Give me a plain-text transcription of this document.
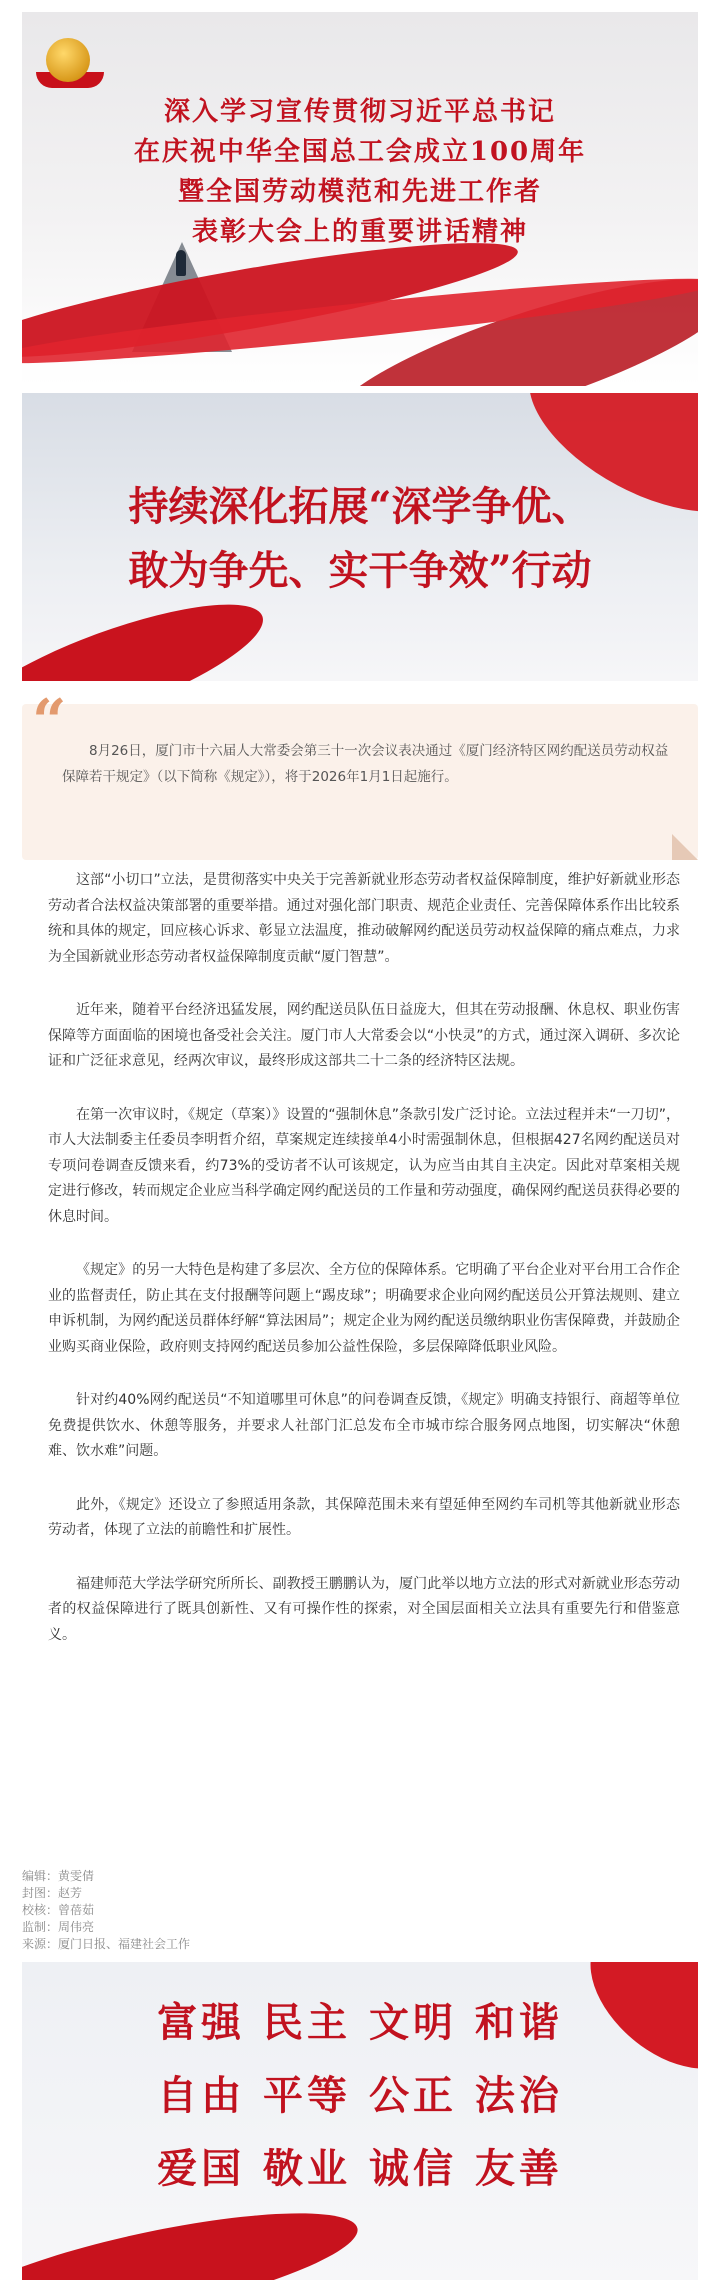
深入学习宣传贯彻习近平总书记
在庆祝中华全国总工会成立100周年
暨全国劳动模范和先进工作者
表彰大会上的重要讲话精神
持续深化拓展“深学争优、
敢为争先、实干争效”行动
“	8月26日，厦门市十六届人大常委会第三十一次会议表决通过《厦门经济特区网约配送员劳动权益保障若干规定》（以下简称《规定》），将于2026年1月1日起施行。

这部“小切口”立法，是贯彻落实中央关于完善新就业形态劳动者权益保障制度，维护好新就业形态劳动者合法权益决策部署的重要举措。通过对强化部门职责、规范企业责任、完善保障体系作出比较系统和具体的规定，回应核心诉求、彰显立法温度，推动破解网约配送员劳动权益保障的痛点难点，力求为全国新就业形态劳动者权益保障制度贡献“厦门智慧”。

近年来，随着平台经济迅猛发展，网约配送员队伍日益庞大，但其在劳动报酬、休息权、职业伤害保障等方面面临的困境也备受社会关注。厦门市人大常委会以“小快灵”的方式，通过深入调研、多次论证和广泛征求意见，经两次审议，最终形成这部共二十二条的经济特区法规。

在第一次审议时，《规定（草案）》设置的“强制休息”条款引发广泛讨论。立法过程并未“一刀切”，市人大法制委主任委员李明哲介绍，草案规定连续接单4小时需强制休息，但根据427名网约配送员对专项问卷调查反馈来看，约73%的受访者不认可该规定，认为应当由其自主决定。因此对草案相关规定进行修改，转而规定企业应当科学确定网约配送员的工作量和劳动强度，确保网约配送员获得必要的休息时间。

《规定》的另一大特色是构建了多层次、全方位的保障体系。它明确了平台企业对平台用工合作企业的监督责任，防止其在支付报酬等问题上“踢皮球”；明确要求企业向网约配送员公开算法规则、建立申诉机制，为网约配送员群体纾解“算法困局”；规定企业为网约配送员缴纳职业伤害保障费，并鼓励企业购买商业保险，政府则支持网约配送员参加公益性保险，多层保障降低职业风险。

针对约40%网约配送员“不知道哪里可休息”的问卷调查反馈，《规定》明确支持银行、商超等单位免费提供饮水、休憩等服务，并要求人社部门汇总发布全市城市综合服务网点地图，切实解决“休憩难、饮水难”问题。

此外，《规定》还设立了参照适用条款，其保障范围未来有望延伸至网约车司机等其他新就业形态劳动者，体现了立法的前瞻性和扩展性。

福建师范大学法学研究所所长、副教授王鹏鹏认为，厦门此举以地方立法的形式对新就业形态劳动者的权益保障进行了既具创新性、又有可操作性的探索，对全国层面相关立法具有重要先行和借鉴意义。

编辑：黄雯倩
封图：赵芳
校核：曾蓓茹
监制：周伟亮
来源：厦门日报、福建社会工作
富强 民主 文明 和谐
自由 平等 公正 法治
爱国 敬业 诚信 友善
